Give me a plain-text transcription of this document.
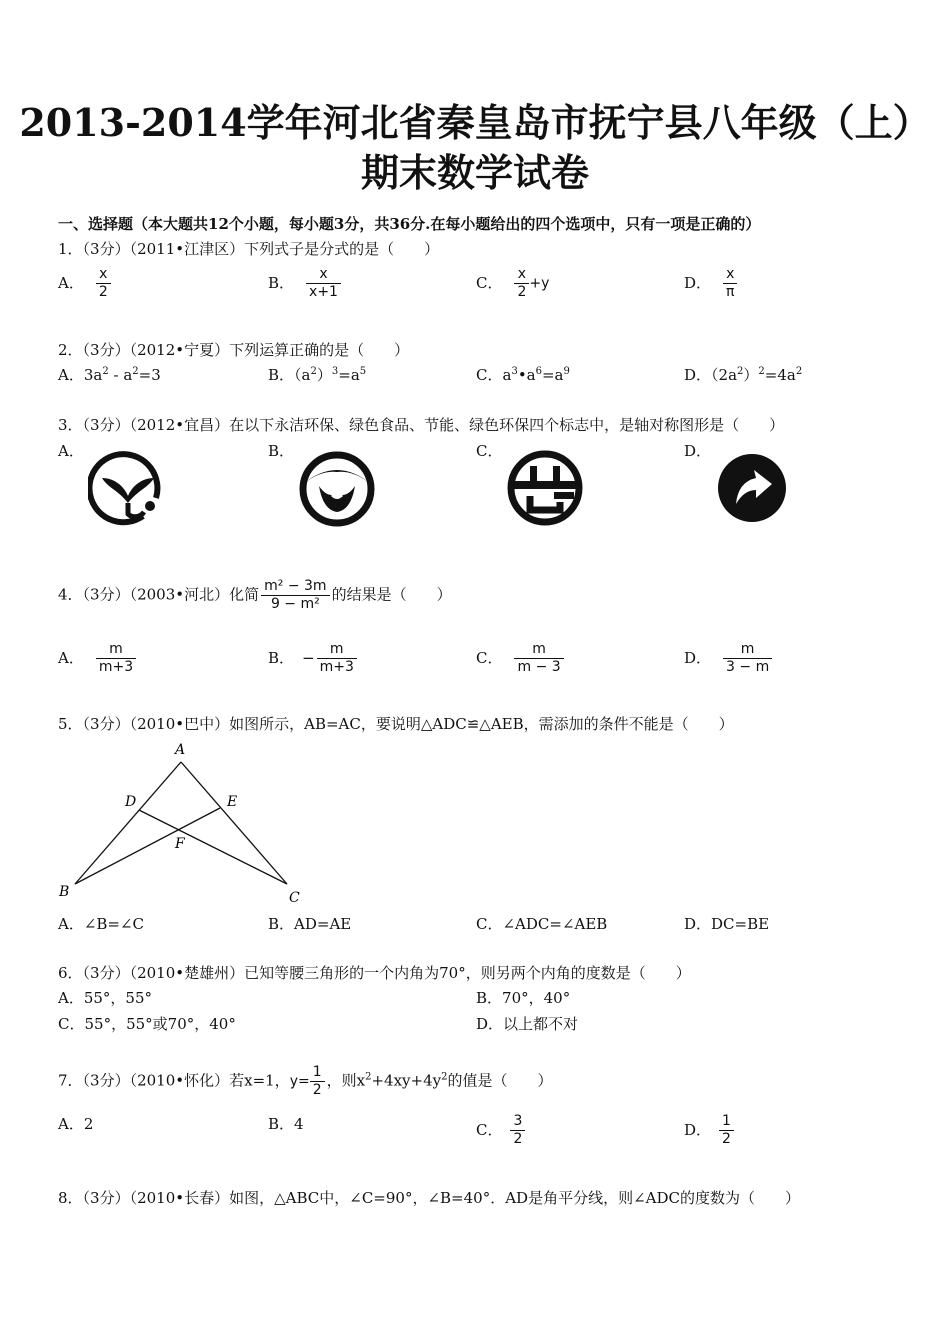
2013-2014学年河北省秦皇岛市抚宁县八年级（上）
期末数学试卷
一、选择题（本大题共12个小题，每小题3分，共36分.在每小题给出的四个选项中，只有一项是正确的）
1．（3分）（2011•江津区）下列式子是分式的是（　　）
A． $\frac{x}{2}$	B． $\frac{x}{x+1}$	C． $\frac{x}{2} +y$	D． $\frac{x}{\pi}$
2．（3分）（2012•宁夏）下列运算正确的是（　　）
A．$3a^2 - a^2=3$	B．$(a^2)^3=a^5$	C．$a^3•a^6=a^9$	D．$(2a^2)^2=4a^2$
3．（3分）（2012•宜昌）在以下永洁环保、绿色食品、节能、绿色环保四个标志中，是轴对称图形是（　　）
A．	B．	C．	D．
4．（3分）（2003•河北）化简 $\frac{\text{m² − 3m}}{\text{9 − m²}}$ 的结果是（　　）
A． $\frac{m}{m+3}$	B． − $\frac{m}{m+3}$	C． $\frac{m}{m - 3}$	D． $\frac{m}{3 - m}$
5．（3分）（2010•巴中）如图所示，AB=AC，要说明△ADC≌△AEB，需添加的条件不能是（　　）
A
B	C
D	E
F
A．∠B=∠C	B．AD=AE	C．∠ADC=∠AEB	D．DC=BE
6．（3分）（2010•楚雄州）已知等腰三角形的一个内角为70°，则另两个内角的度数是（　　）
A．55°，55°	B．70°，40°
C．55°，55°或70°，40°	D．以上都不对
7．（3分）（2010•怀化）若x=1，$y= \frac{1}{2}$ ，则$x^2+4xy+4y^2$的值是（　　）
A．2	B．4	C． $\frac{3}{2}$	D． $\frac{1}{2}$
8．（3分）（2010•长春）如图，△ABC中，∠C=90°，∠B=40°．AD是角平分线，则∠ADC的度数为（　　）
